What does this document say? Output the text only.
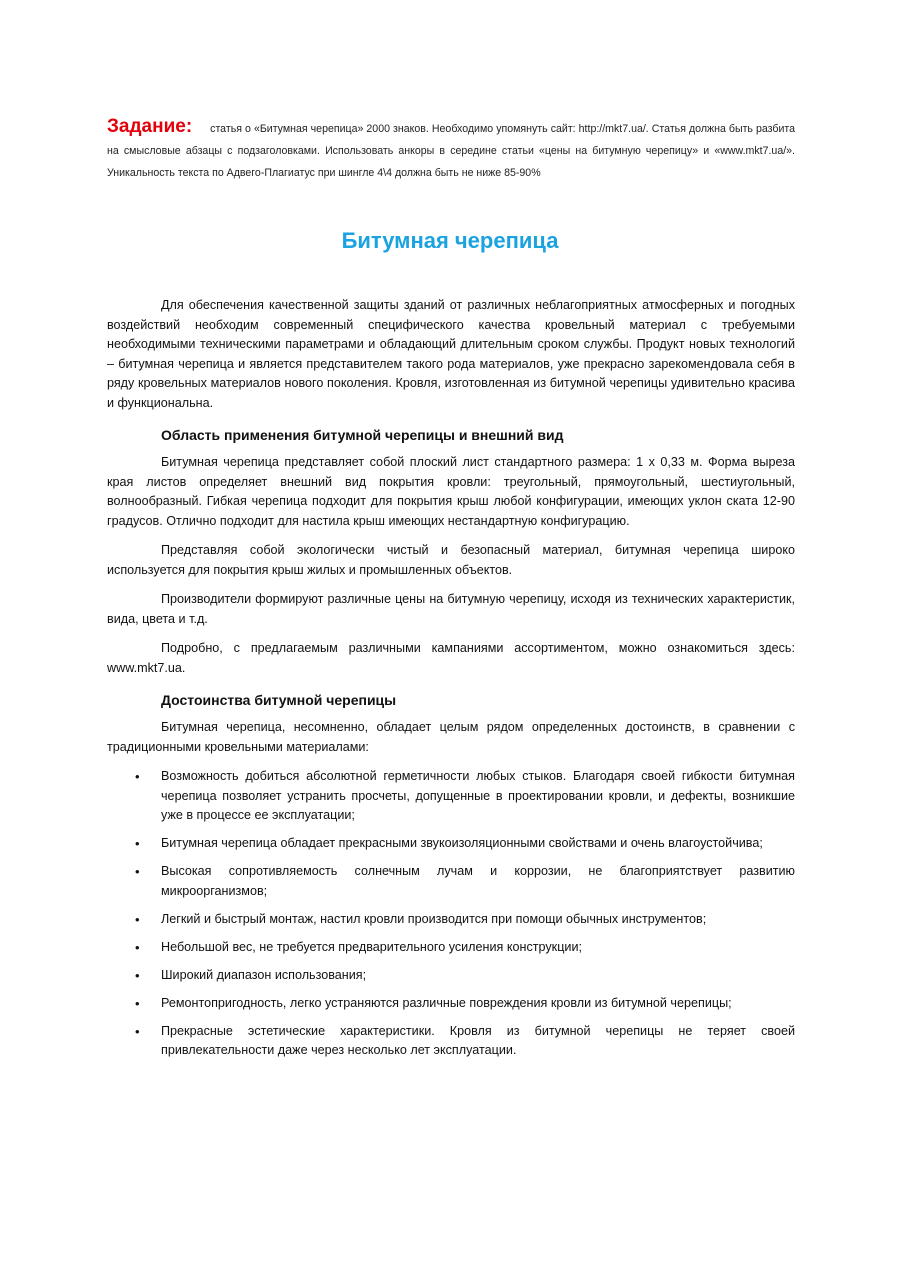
Задание: статья о «Битумная черепица» 2000 знаков. Необходимо упомянуть сайт: http://mkt7.ua/. Статья должна быть разбита на смысловые абзацы с подзаголовками. Использовать анкоры в середине статьи «цены на битумную черепицу» и «www.mkt7.ua/». Уникальность текста по Адвего-Плагиатус при шингле 4\4 должна быть не ниже 85-90%
Битумная черепица

Для обеспечения качественной защиты зданий от различных неблагоприятных атмосферных и погодных воздействий необходим современный специфического качества кровельный материал с требуемыми необходимыми техническими параметрами и обладающий длительным сроком службы. Продукт новых технологий – битумная черепица и является представителем такого рода материалов, уже прекрасно зарекомендовала себя в ряду кровельных материалов нового поколения. Кровля, изготовленная из битумной черепицы удивительно красива и функциональна.

Область применения битумной черепицы и внешний вид

Битумная черепица представляет собой плоский лист стандартного размера: 1 х 0,33 м. Форма выреза края листов определяет внешний вид покрытия кровли: треугольный, прямоугольный, шестиугольный, волнообразный. Гибкая черепица подходит для покрытия крыш любой конфигурации, имеющих уклон ската 12-90 градусов. Отлично подходит для настила крыш имеющих нестандартную конфигурацию.

Представляя собой экологически чистый и безопасный материал, битумная черепица широко используется для покрытия крыш жилых и промышленных объектов.

Производители формируют различные цены на битумную черепицу, исходя из технических характеристик, вида, цвета и т.д.

Подробно, с предлагаемым различными кампаниями ассортиментом, можно ознакомиться здесь: www.mkt7.ua.

Достоинства битумной черепицы

Битумная черепица, несомненно, обладает целым рядом определенных достоинств, в сравнении с традиционными кровельными материалами:

• Возможность добиться абсолютной герметичности любых стыков. Благодаря своей гибкости битумная черепица позволяет устранить просчеты, допущенные в проектировании кровли, и дефекты, возникшие уже в процессе ее эксплуатации;
• Битумная черепица обладает прекрасными звукоизоляционными свойствами и очень влагоустойчива;
• Высокая сопротивляемость солнечным лучам и коррозии, не благоприятствует развитию микроорганизмов;
• Легкий и быстрый монтаж, настил кровли производится при помощи обычных инструментов;
• Небольшой вес, не требуется предварительного усиления конструкции;
• Широкий диапазон использования;
• Ремонтопригодность, легко устраняются различные повреждения кровли из битумной черепицы;
• Прекрасные эстетические характеристики. Кровля из битумной черепицы не теряет своей привлекательности даже через несколько лет эксплуатации.
